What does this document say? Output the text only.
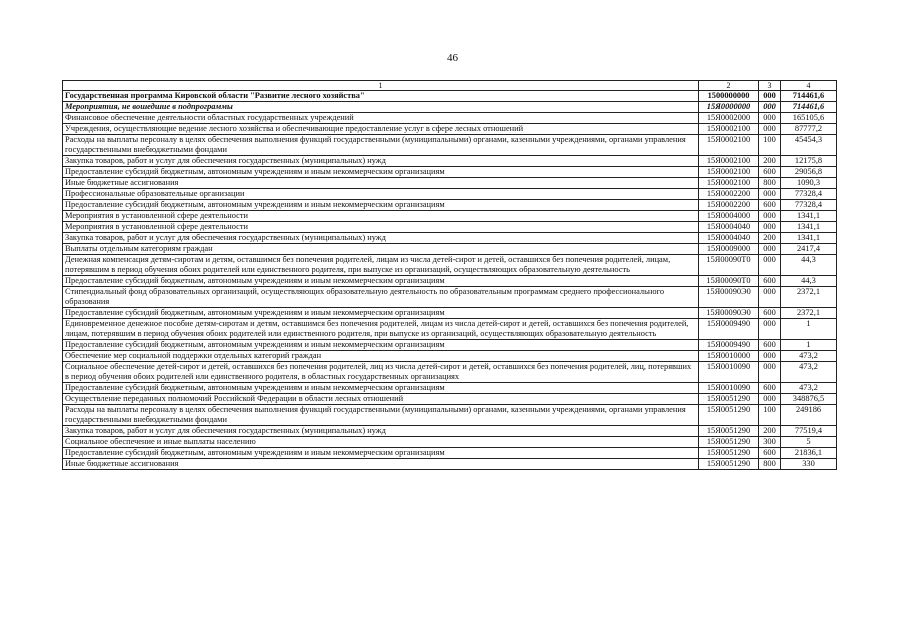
46
1	2	3	4
Государственная программа Кировской области "Развитие лесного хозяйства"	1500000000	000	714461,6
Мероприятия, не вошедшие в подпрограммы	15Я0000000	000	714461,6
Финансовое обеспечение деятельности областных государственных учреждений	15Я0002000	000	165105,6
Учреждения, осуществляющие ведение лесного хозяйства и обеспечивающие предоставление услуг в сфере лесных отношений	15Я0002100	000	87777,2
Расходы на выплаты персоналу в целях обеспечения выполнения функций государственными (муниципальными) органами, казенными учреждениями, органами управления государственными внебюджетными фондами	15Я0002100	100	45454,3
Закупка товаров, работ и услуг для обеспечения государственных (муниципальных) нужд	15Я0002100	200	12175,8
Предоставление субсидий бюджетным, автономным учреждениям и иным некоммерческим организациям	15Я0002100	600	29056,8
Иные бюджетные ассигнования	15Я0002100	800	1090,3
Профессиональные образовательные организации	15Я0002200	000	77328,4
Предоставление субсидий бюджетным, автономным учреждениям и иным некоммерческим организациям	15Я0002200	600	77328,4
Мероприятия в установленной сфере деятельности	15Я0004000	000	1341,1
Мероприятия в установленной сфере деятельности	15Я0004040	000	1341,1
Закупка товаров, работ и услуг для обеспечения государственных (муниципальных) нужд	15Я0004040	200	1341,1
Выплаты отдельным категориям граждан	15Я0009000	000	2417,4
Денежная компенсация детям-сиротам и детям, оставшимся без попечения родителей, лицам из числа детей-сирот и детей, оставшихся без попечения родителей, лицам, потерявшим в период обучения обоих родителей или единственного родителя, при выпуске из организаций, осуществляющих образовательную деятельность	15Я00090Т0	000	44,3
Предоставление субсидий бюджетным, автономным учреждениям и иным некоммерческим организациям	15Я00090Т0	600	44,3
Стипендиальный фонд образовательных организаций, осуществляющих образовательную деятельность по образовательным программам среднего профессионального образования	15Я00090Э0	000	2372,1
Предоставление субсидий бюджетным, автономным учреждениям и иным некоммерческим организациям	15Я00090Э0	600	2372,1
Единовременное денежное пособие детям-сиротам и детям, оставшимся без попечения родителей, лицам из числа детей-сирот и детей, оставшихся без попечения родителей, лицам, потерявшим в период обучения обоих родителей или единственного родителя, при выпуске из организаций, осуществляющих образовательную деятельность	15Я0009490	000	1
Предоставление субсидий бюджетным, автономным учреждениям и иным некоммерческим организациям	15Я0009490	600	1
Обеспечение мер социальной поддержки отдельных категорий граждан	15Я0010000	000	473,2
Социальное обеспечение детей-сирот и детей, оставшихся без попечения родителей, лиц из числа детей-сирот и детей, оставшихся без попечения родителей, лиц, потерявших в период обучения обоих родителей или единственного родителя, в областных государственных организациях	15Я0010090	000	473,2
Предоставление субсидий бюджетным, автономным учреждениям и иным некоммерческим организациям	15Я0010090	600	473,2
Осуществление переданных полномочий Российской Федерации в области лесных отношений	15Я0051290	000	348876,5
Расходы на выплаты персоналу в целях обеспечения выполнения функций государственными (муниципальными) органами, казенными учреждениями, органами управления государственными внебюджетными фондами	15Я0051290	100	249186
Закупка товаров, работ и услуг для обеспечения государственных (муниципальных) нужд	15Я0051290	200	77519,4
Социальное обеспечение и иные выплаты населению	15Я0051290	300	5
Предоставление субсидий бюджетным, автономным учреждениям и иным некоммерческим организациям	15Я0051290	600	21836,1
Иные бюджетные ассигнования	15Я0051290	800	330
